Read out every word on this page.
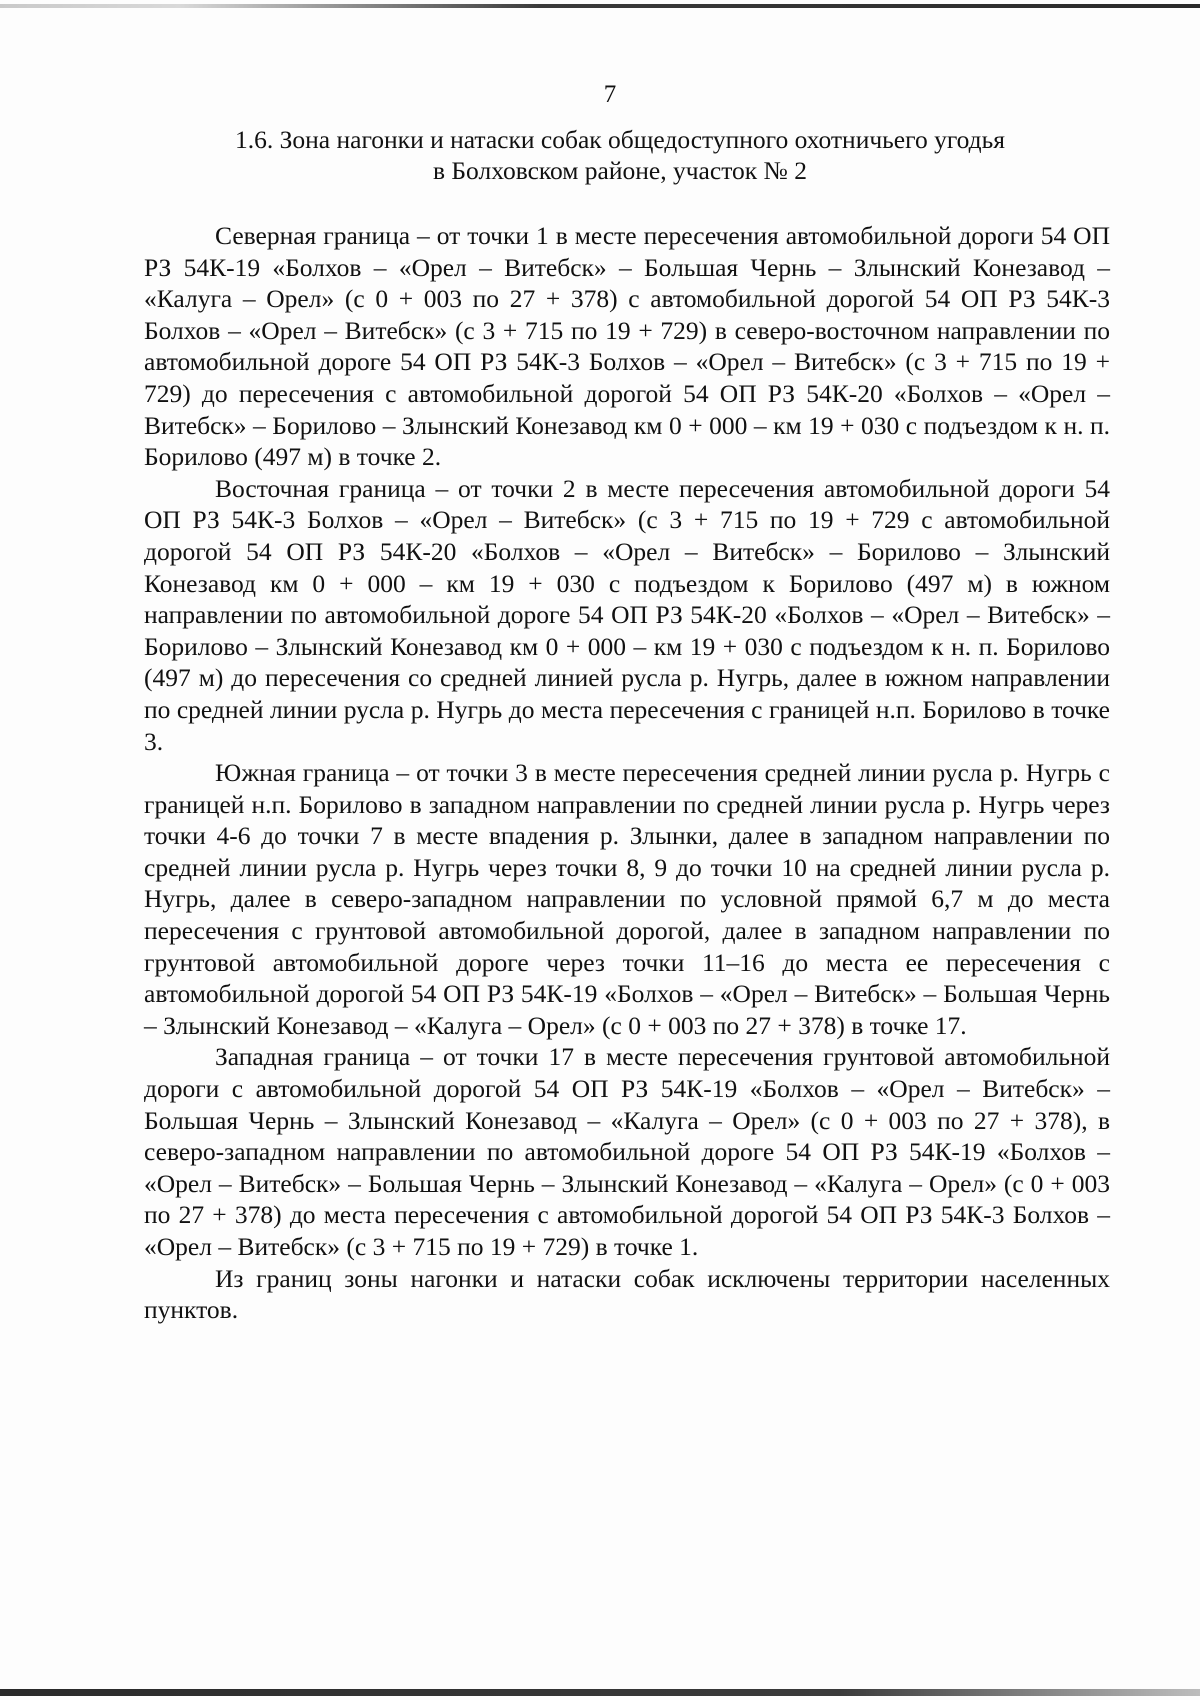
7

1.6. Зона нагонки и натаски собак общедоступного охотничьего угодья
в Болховском районе, участок № 2

Северная граница – от точки 1 в месте пересечения автомобильной дороги 54 ОП РЗ 54К-19 «Болхов – «Орел – Витебск» – Большая Чернь – Злынский Конезавод – «Калуга – Орел» (с 0 + 003 по 27 + 378) с автомобильной дорогой 54 ОП РЗ 54К-3 Болхов – «Орел – Витебск» (с 3 + 715 по 19 + 729) в северо-восточном направлении по автомобильной дороге 54 ОП РЗ 54К-3 Болхов – «Орел – Витебск» (с 3 + 715 по 19 + 729) до пересечения с автомобильной дорогой 54 ОП РЗ 54К-20 «Болхов – «Орел – Витебск» – Борилово – Злынский Конезавод км 0 + 000 – км 19 + 030 с подъездом к н. п. Борилово (497 м) в точке 2.

Восточная граница – от точки 2 в месте пересечения автомобильной дороги 54 ОП РЗ 54К-3 Болхов – «Орел – Витебск» (с 3 + 715 по 19 + 729 с автомобильной дорогой 54 ОП РЗ 54К-20 «Болхов – «Орел – Витебск» – Борилово – Злынский Конезавод км 0 + 000 – км 19 + 030 с подъездом к Борилово (497 м) в южном направлении по автомобильной дороге 54 ОП РЗ 54К-20 «Болхов – «Орел – Витебск» – Борилово – Злынский Конезавод км 0 + 000 – км 19 + 030 с подъездом к н. п. Борилово (497 м) до пересечения со средней линией русла р. Нугрь, далее в южном направлении по средней линии русла р. Нугрь до места пересечения с границей н.п. Борилово в точке 3.

Южная граница – от точки 3 в месте пересечения средней линии русла р. Нугрь с границей н.п. Борилово в западном направлении по средней линии русла р. Нугрь через точки 4-6 до точки 7 в месте впадения р. Злынки, далее в западном направлении по средней линии русла р. Нугрь через точки 8, 9 до точки 10 на средней линии русла р. Нугрь, далее в северо-западном направлении по условной прямой 6,7 м до места пересечения с грунтовой автомобильной дорогой, далее в западном направлении по грунтовой автомобильной дороге через точки 11–16 до места ее пересечения с автомобильной дорогой 54 ОП РЗ 54К-19 «Болхов – «Орел – Витебск» – Большая Чернь – Злынский Конезавод – «Калуга – Орел» (с 0 + 003 по 27 + 378) в точке 17.

Западная граница – от точки 17 в месте пересечения грунтовой автомобильной дороги с автомобильной дорогой 54 ОП РЗ 54К-19 «Болхов – «Орел – Витебск» – Большая Чернь – Злынский Конезавод – «Калуга – Орел» (с 0 + 003 по 27 + 378), в северо-западном направлении по автомобильной дороге 54 ОП РЗ 54К-19 «Болхов – «Орел – Витебск» – Большая Чернь – Злынский Конезавод – «Калуга – Орел» (с 0 + 003 по 27 + 378) до места пересечения с автомобильной дорогой 54 ОП РЗ 54К-3 Болхов – «Орел – Витебск» (с 3 + 715 по 19 + 729) в точке 1.

Из границ зоны нагонки и натаски собак исключены территории населенных пунктов.
